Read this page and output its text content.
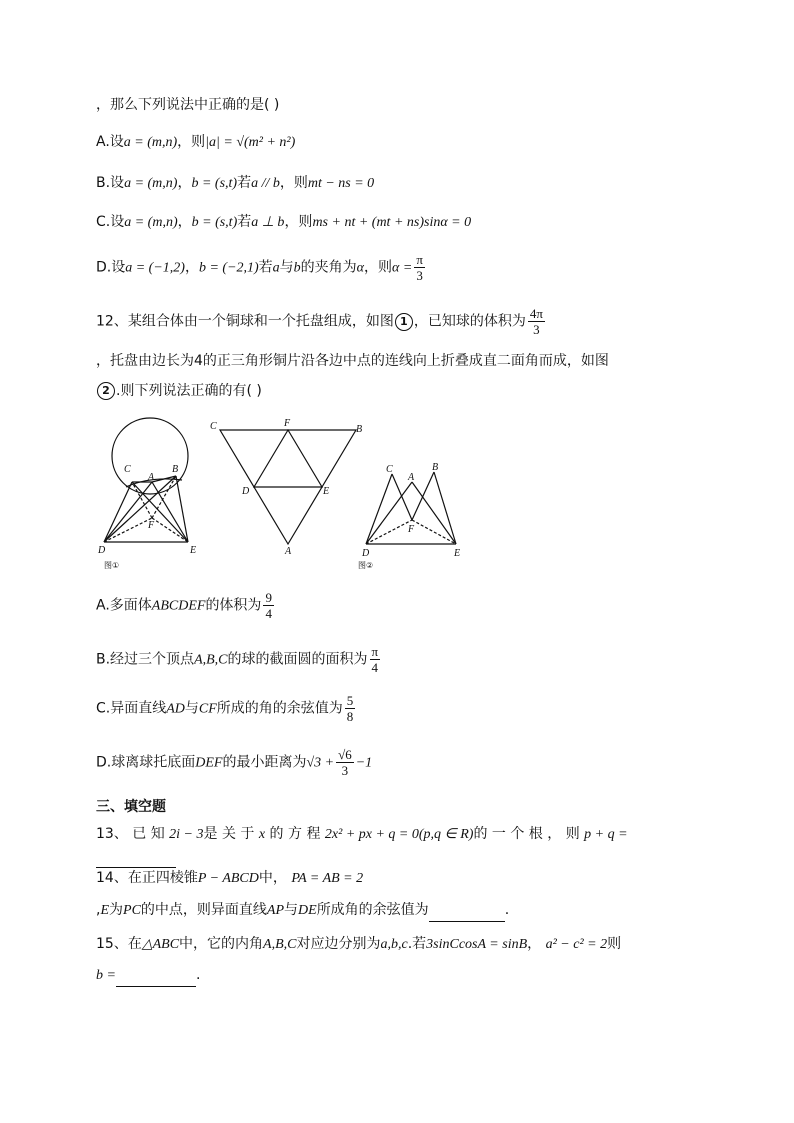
，那么下列说法中正确的是( )
A.设a = (m,n)，则|a| = √(m² + n²)
B.设a = (m,n)，b = (s,t)若a // b，则mt − ns = 0
C.设a = (m,n)，b = (s,t)若a ⊥ b，则ms + nt + (mt + ns)sinα = 0
D.设a = (−1,2)，b = (−2,1)若a与b的夹角为α，则$\alpha = \frac{\pi}{3}$
12、某组合体由一个铜球和一个托盘组成，如图 1 ，已知球的体积为 $\frac{4\pi}{3}$
，托盘由边长为4的正三角形铜片沿各边中点的连线向上折叠成直二面角而成，如图
2 .则下列说法正确的有( )
C
A
B
F
D	E
图①
C	F
B
D	E
A
C
A
B
F
D	E
图②
A.多面体ABCDEF的体积为 $\frac{9}{4}$
B.经过三个顶点A,B,C的球的截面圆的面积为 $\frac{\pi}{4}$
C.异面直线AD与CF所成的角的余弦值为 $\frac{5}{8}$
D.球离球托底面DEF的最小距离为$√3 + \frac{√6}{3} -1$
三、填空题
13、 已 知 2i − 3是 关 于 x 的 方 程 2x² + px + q = 0(p,q ∈ R)的 一 个 根 ， 则 p + q =
14、在正四棱锥P − ABCD中， PA = AB = 2
,E为PC的中点，则异面直线AP与DE所成角的余弦值为	.
15、在△ABC中，它的内角A,B,C对应边分别为a,b,c.若3sinCcosA = sinB， a² − c² = 2则
b =	.
